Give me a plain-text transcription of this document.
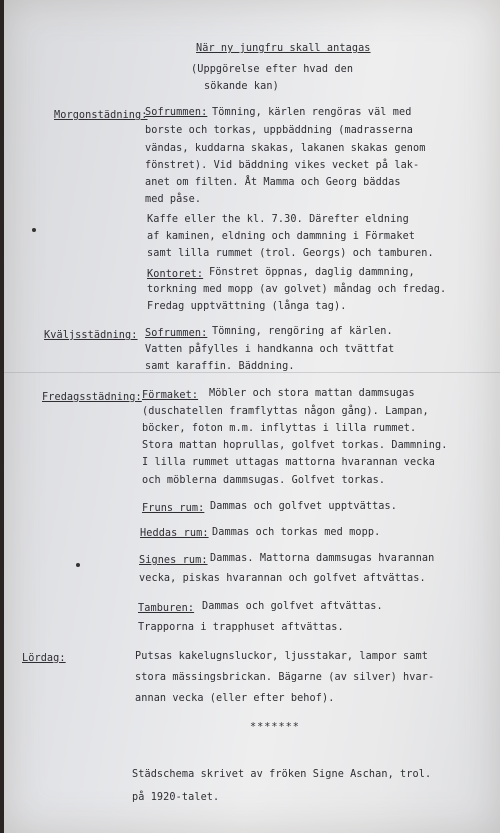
När ny jungfru skall antagas
(Uppgörelse efter hvad den
sökande kan)
Morgonstädning:
Sofrummen: Tömning, kärlen rengöras väl med
borste och torkas, uppbäddning (madrasserna
vändas, kuddarna skakas, lakanen skakas genom
fönstret). Vid bäddning vikes vecket på lak-
anet om filten. Åt Mamma och Georg bäddas
med påse.
Kaffe eller the kl. 7.30. Därefter eldning
af kaminen, eldning och dammning i Förmaket
samt lilla rummet (trol. Georgs) och tamburen.
Kontoret: Fönstret öppnas, daglig dammning,
torkning med mopp (av golvet) måndag och fredag.
Fredag upptvättning (långa tag).
Kväljsstädning: Sofrummen: Tömning, rengöring af kärlen.
Vatten påfylles i handkanna och tvättfat
samt karaffin. Bäddning.
Fredagsstädning: Förmaket: Möbler och stora mattan dammsugas
(duschatellen framflyttas någon gång). Lampan,
böcker, foton m.m. inflyttas i lilla rummet.
Stora mattan hoprullas, golfvet torkas. Dammning.
I lilla rummet uttagas mattorna hvarannan vecka
och möblerna dammsugas. Golfvet torkas.
Fruns rum: Dammas och golfvet upptvättas.
Heddas rum: Dammas och torkas med mopp.
Signes rum: Dammas. Mattorna dammsugas hvarannan
vecka, piskas hvarannan och golfvet aftvättas.
Tamburen: Dammas och golfvet aftvättas.
Trapporna i trapphuset aftvättas.
Lördag:	Putsas kakelugnsluckor, ljusstakar, lampor samt
stora mässingsbrickan. Bägarne (av silver) hvar-
annan vecka (eller efter behof).
*******
Städschema skrivet av fröken Signe Aschan, trol.
på 1920-talet.
